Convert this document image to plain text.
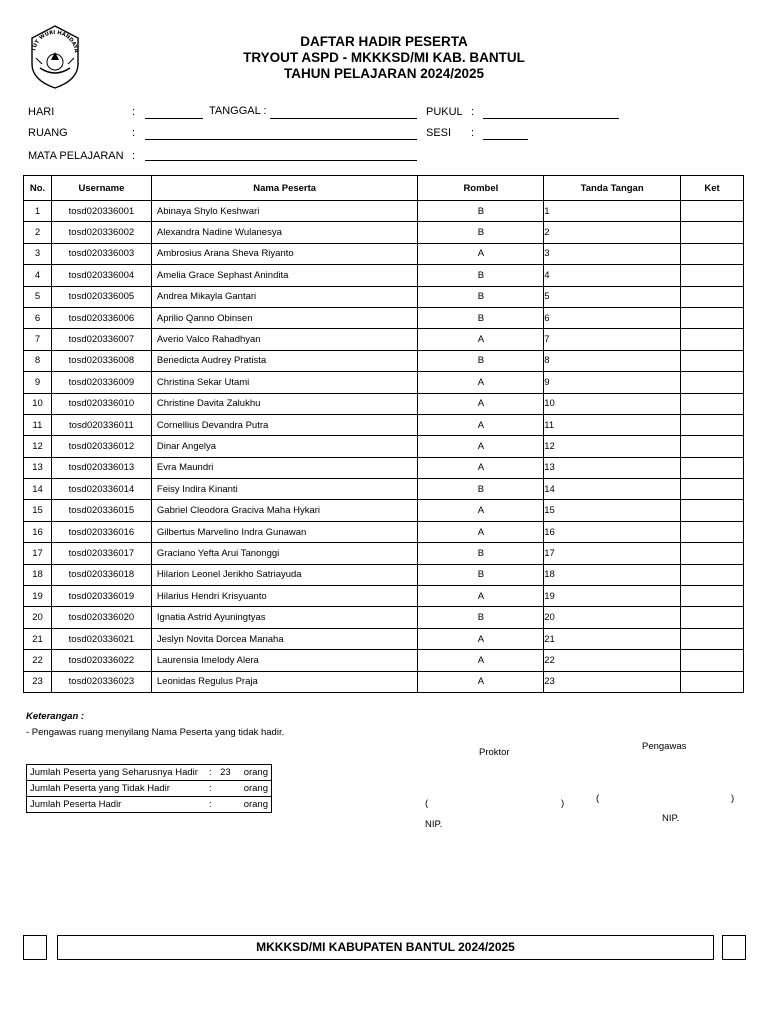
TUT WURI HANDAYA
DAFTAR HADIR PESERTA
TRYOUT ASPD - MKKKSD/MI KAB. BANTUL
TAHUN PELAJARAN 2024/2025
HARI	:	TANGGAL :	PUKUL :
RUANG	:	SESI :
MATA PELAJARAN :
No.	Username	Nama Peserta	Rombel	Tanda Tangan	Ket
1	tosd020336001	Abinaya Shylo Keshwari	B	1	
2	tosd020336002	Alexandra Nadine Wulanesya	B	2	
3	tosd020336003	Ambrosius Arana Sheva Riyanto	A	3	
4	tosd020336004	Amelia Grace Sephast Anindita	B	4	
5	tosd020336005	Andrea Mikayla Gantari	B	5	
6	tosd020336006	Aprilio Qanno Obinsen	B	6	
7	tosd020336007	Averio Valco Rahadhyan	A	7	
8	tosd020336008	Benedicta Audrey Pratista	B	8	
9	tosd020336009	Christina Sekar Utami	A	9	
10	tosd020336010	Christine Davita Zalukhu	A	10	
11	tosd020336011	Cornellius Devandra Putra	A	11	
12	tosd020336012	Dinar Angelya	A	12	
13	tosd020336013	Evra Maundri	A	13	
14	tosd020336014	Feisy Indira Kinanti	B	14	
15	tosd020336015	Gabriel Cleodora Graciva Maha Hykari	A	15	
16	tosd020336016	Gilbertus Marvelino Indra Gunawan	A	16	
17	tosd020336017	Graciano Yefta Arui Tanonggi	B	17	
18	tosd020336018	Hilarion Leonel Jerikho Satriayuda	B	18	
19	tosd020336019	Hilarius Hendri Krisyuanto	A	19	
20	tosd020336020	Ignatia Astrid Ayuningtyas	B	20	
21	tosd020336021	Jeslyn Novita Dorcea Manaha	A	21	
22	tosd020336022	Laurensia Imelody Alera	A	22	
23	tosd020336023	Leonidas Regulus Praja	A	23	
Keterangan :
- Pengawas ruang menyilang Nama Peserta yang tidak hadir.
Jumlah Peserta yang Seharusnya Hadir	:	23	orang
Jumlah Peserta yang Tidak Hadir	:		orang
Jumlah Peserta Hadir	:		orang
Proktor
(	)
NIP.
Pengawas
(	)
NIP.
MKKKSD/MI KABUPATEN BANTUL 2024/2025
